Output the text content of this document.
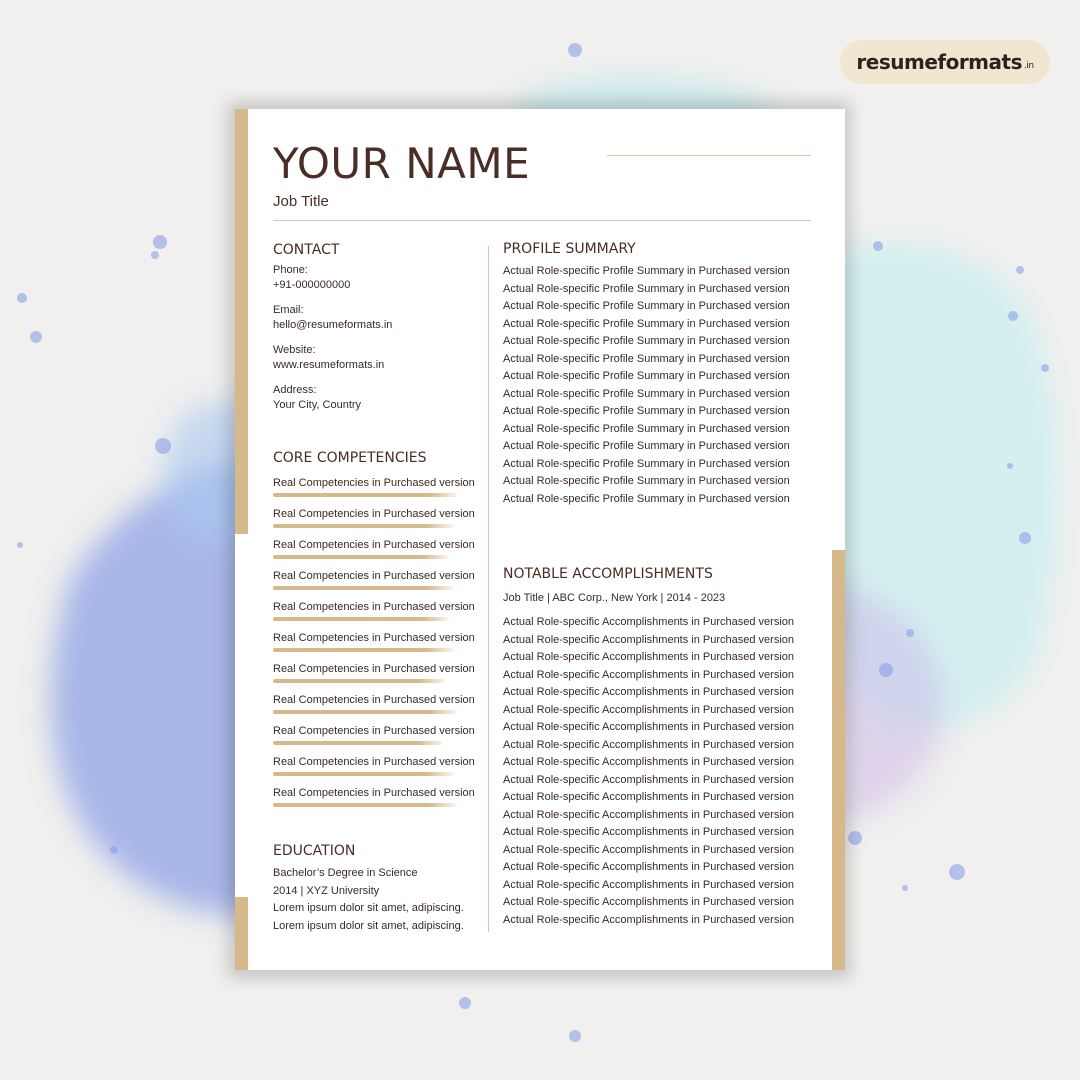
resumeformats .in
YOUR NAME
Job Title
CONTACT
Phone:
+91-000000000
Email:
hello@resumeformats.in
Website:
www.resumeformats.in
Address:
Your City, Country
CORE COMPETENCIES
Real Competencies in Purchased version
Real Competencies in Purchased version
Real Competencies in Purchased version
Real Competencies in Purchased version
Real Competencies in Purchased version
Real Competencies in Purchased version
Real Competencies in Purchased version
Real Competencies in Purchased version
Real Competencies in Purchased version
Real Competencies in Purchased version
Real Competencies in Purchased version
EDUCATION
Bachelor’s Degree in Science
2014 | XYZ University
Lorem ipsum dolor sit amet, adipiscing.
Lorem ipsum dolor sit amet, adipiscing.
PROFILE SUMMARY
Actual Role-specific Profile Summary in Purchased version
Actual Role-specific Profile Summary in Purchased version
Actual Role-specific Profile Summary in Purchased version
Actual Role-specific Profile Summary in Purchased version
Actual Role-specific Profile Summary in Purchased version
Actual Role-specific Profile Summary in Purchased version
Actual Role-specific Profile Summary in Purchased version
Actual Role-specific Profile Summary in Purchased version
Actual Role-specific Profile Summary in Purchased version
Actual Role-specific Profile Summary in Purchased version
Actual Role-specific Profile Summary in Purchased version
Actual Role-specific Profile Summary in Purchased version
Actual Role-specific Profile Summary in Purchased version
Actual Role-specific Profile Summary in Purchased version
NOTABLE ACCOMPLISHMENTS
Job Title | ABC Corp., New York | 2014 - 2023
Actual Role-specific Accomplishments in Purchased version
Actual Role-specific Accomplishments in Purchased version
Actual Role-specific Accomplishments in Purchased version
Actual Role-specific Accomplishments in Purchased version
Actual Role-specific Accomplishments in Purchased version
Actual Role-specific Accomplishments in Purchased version
Actual Role-specific Accomplishments in Purchased version
Actual Role-specific Accomplishments in Purchased version
Actual Role-specific Accomplishments in Purchased version
Actual Role-specific Accomplishments in Purchased version
Actual Role-specific Accomplishments in Purchased version
Actual Role-specific Accomplishments in Purchased version
Actual Role-specific Accomplishments in Purchased version
Actual Role-specific Accomplishments in Purchased version
Actual Role-specific Accomplishments in Purchased version
Actual Role-specific Accomplishments in Purchased version
Actual Role-specific Accomplishments in Purchased version
Actual Role-specific Accomplishments in Purchased version
